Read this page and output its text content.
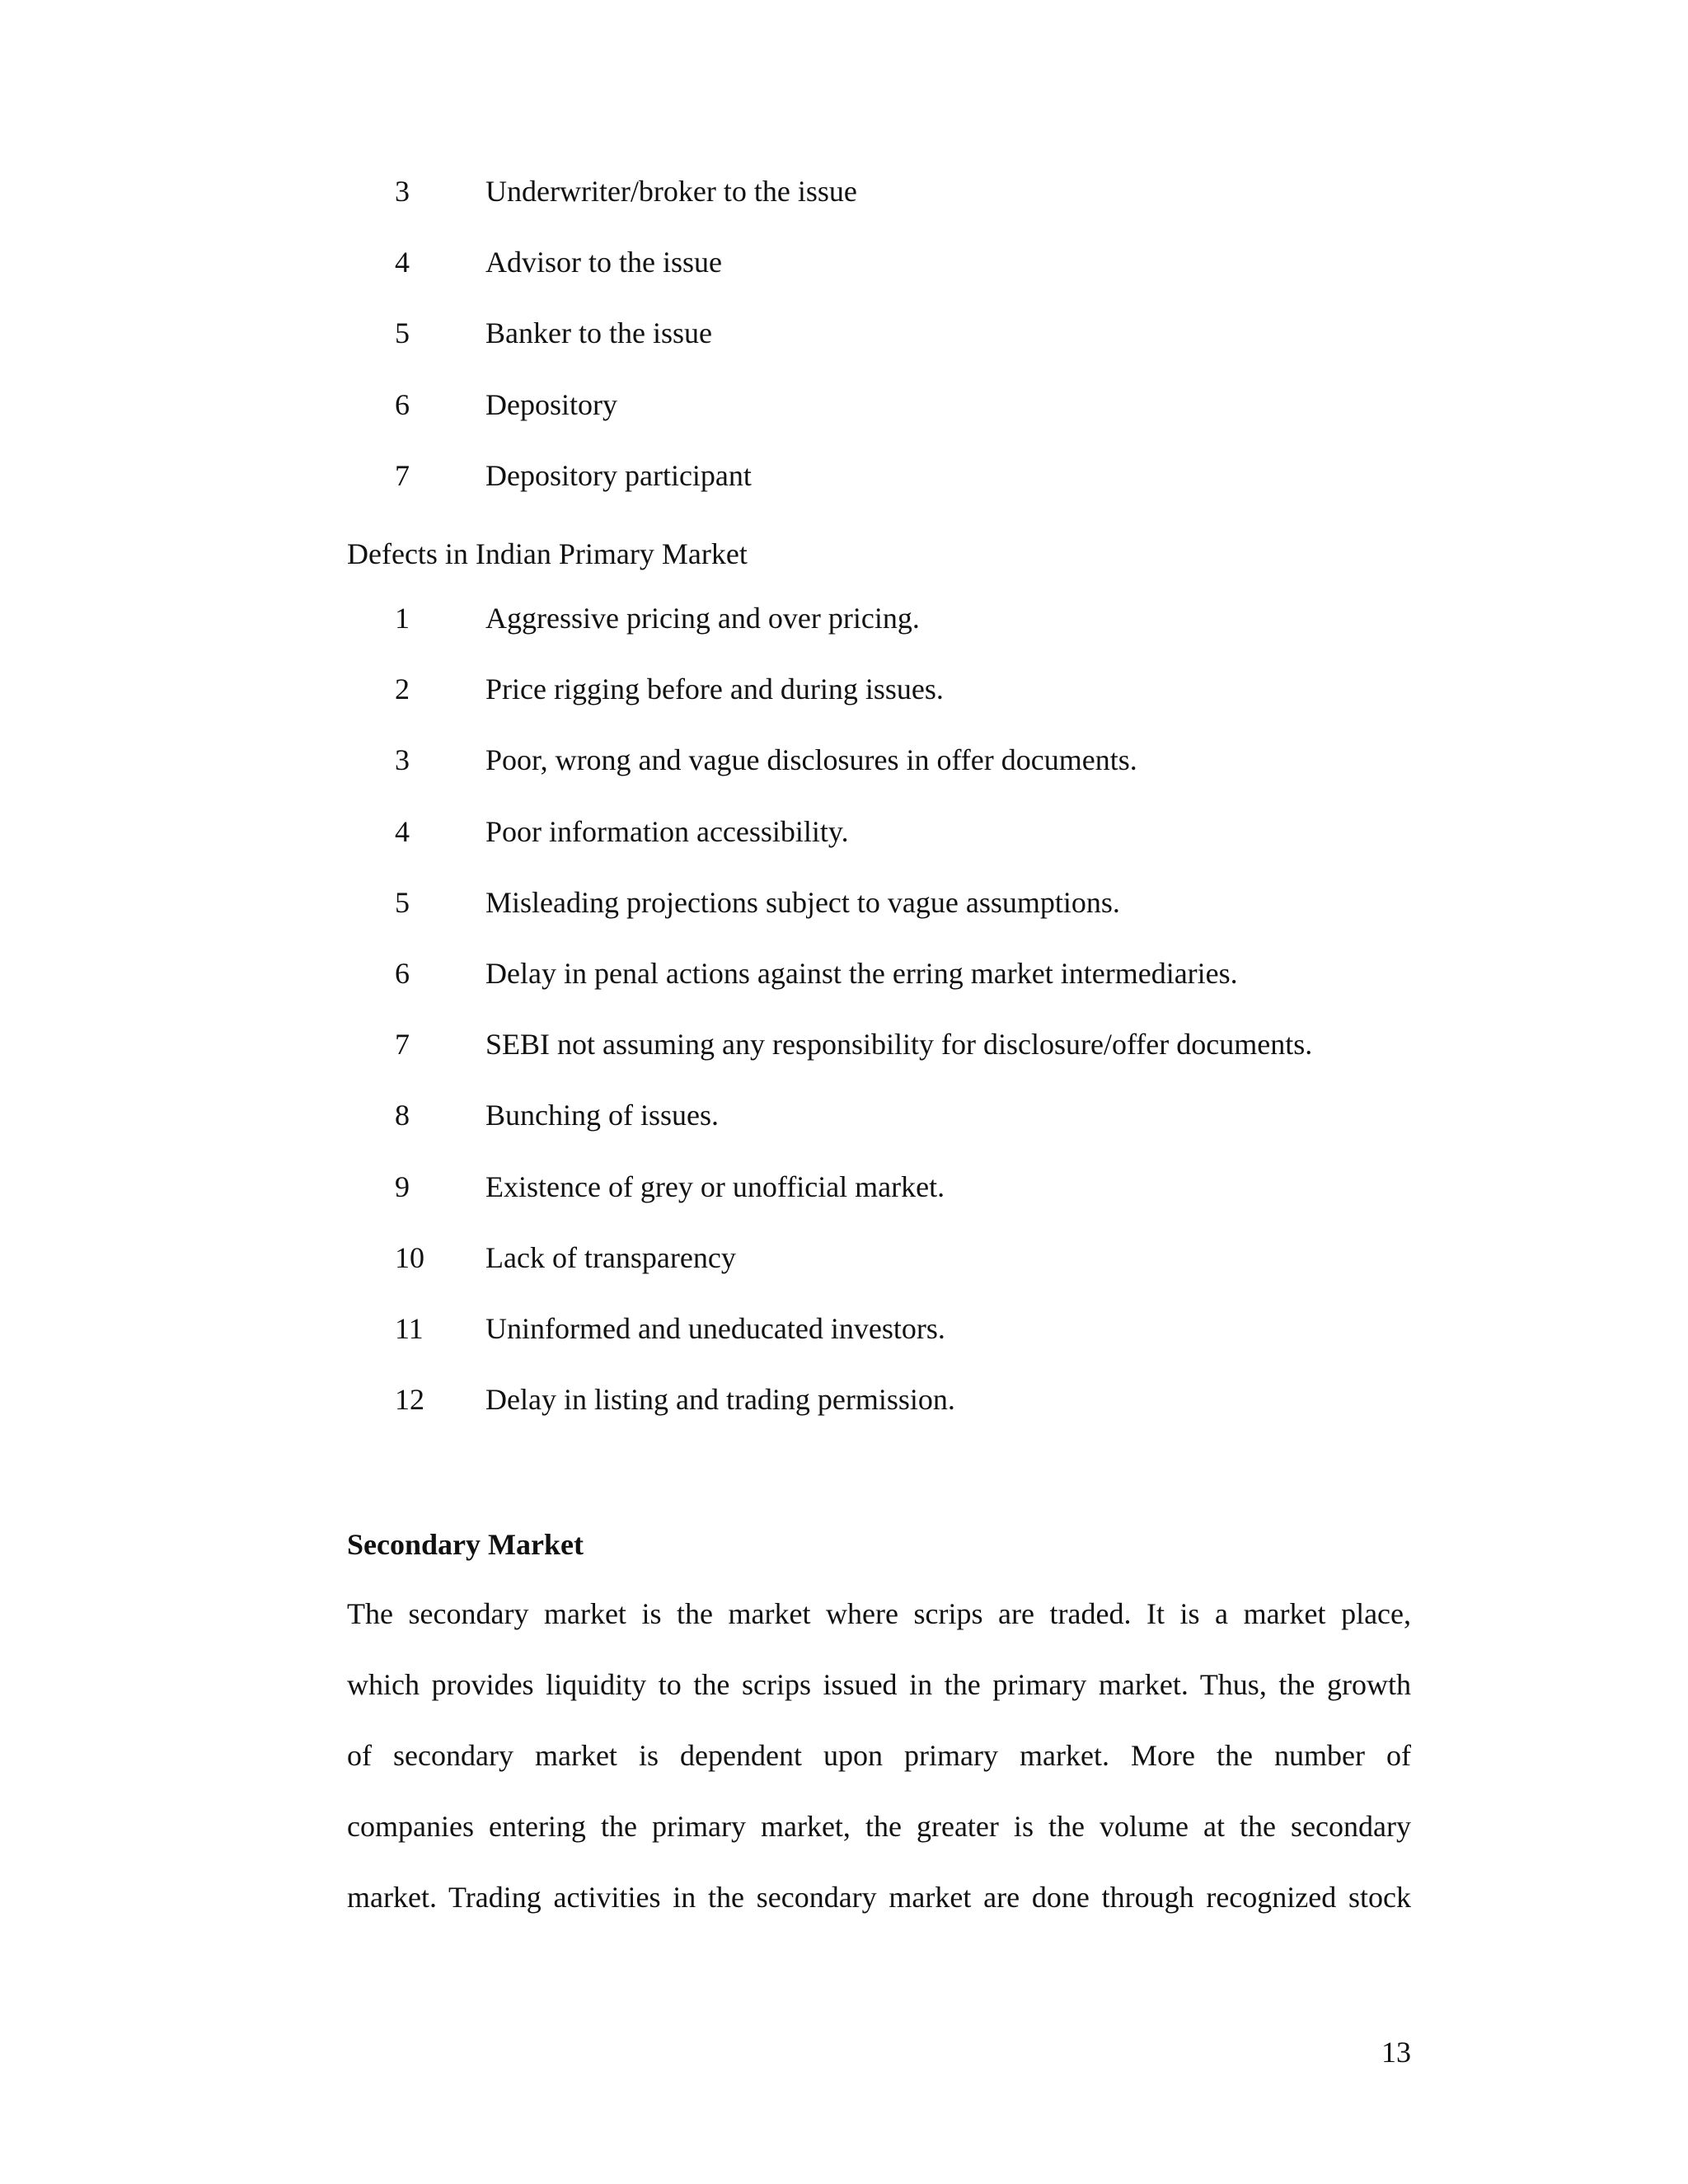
3	Underwriter/broker to the issue
4	Advisor to the issue
5	Banker to the issue
6	Depository
7	Depository participant
Defects in Indian Primary Market
1	Aggressive pricing and over pricing.
2	Price rigging before and during issues.
3	Poor, wrong and vague disclosures in offer documents.
4	Poor information accessibility.
5	Misleading projections subject to vague assumptions.
6	Delay in penal actions against the erring market intermediaries.
7	SEBI not assuming any responsibility for disclosure/offer documents.
8	Bunching of issues.
9	Existence of grey or unofficial market.
10 Lack of transparency
11 Uninformed and uneducated investors.
12 Delay in listing and trading permission.
Secondary Market
The secondary market is the market where scrips are traded. It is a market place,
which provides liquidity to the scrips issued in the primary market. Thus, the growth
of secondary market is dependent upon primary market. More the number of
companies entering the primary market, the greater is the volume at the secondary
market. Trading activities in the secondary market are done through recognized stock
13
